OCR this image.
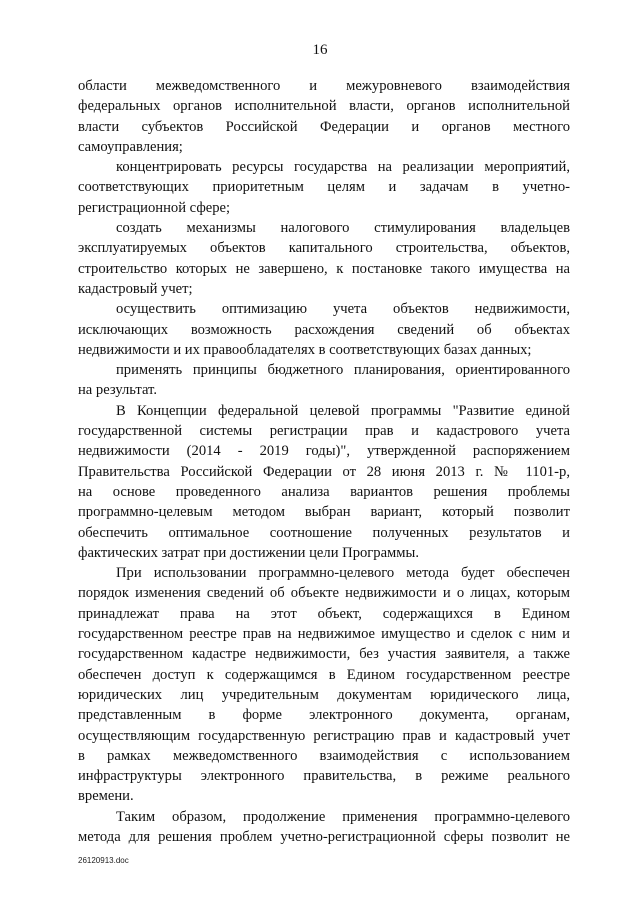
16
области межведомственного и межуровневого взаимодействия
федеральных органов исполнительной власти, органов исполнительной
власти субъектов Российской Федерации и органов местного
самоуправления;
концентрировать ресурсы государства на реализации мероприятий,
соответствующих приоритетным целям и задачам в учетно-
регистрационной сфере;
создать механизмы налогового стимулирования владельцев
эксплуатируемых объектов капитального строительства, объектов,
строительство которых не завершено, к постановке такого имущества на
кадастровый учет;
осуществить оптимизацию учета объектов недвижимости,
исключающих возможность расхождения сведений об объектах
недвижимости и их правообладателях в соответствующих базах данных;
применять принципы бюджетного планирования, ориентированного
на результат.
В Концепции федеральной целевой программы "Развитие единой
государственной системы регистрации прав и кадастрового учета
недвижимости (2014 - 2019 годы)", утвержденной распоряжением
Правительства Российской Федерации от 28 июня 2013 г. № 1101-р,
на основе проведенного анализа вариантов решения проблемы
программно-целевым методом выбран вариант, который позволит
обеспечить оптимальное соотношение полученных результатов и
фактических затрат при достижении цели Программы.
При использовании программно-целевого метода будет обеспечен
порядок изменения сведений об объекте недвижимости и о лицах, которым
принадлежат права на этот объект, содержащихся в Едином
государственном реестре прав на недвижимое имущество и сделок с ним и
государственном кадастре недвижимости, без участия заявителя, а также
обеспечен доступ к содержащимся в Едином государственном реестре
юридических лиц учредительным документам юридического лица,
представленным в форме электронного документа, органам,
осуществляющим государственную регистрацию прав и кадастровый учет
в рамках межведомственного взаимодействия с использованием
инфраструктуры электронного правительства, в режиме реального
времени.
Таким образом, продолжение применения программно-целевого
метода для решения проблем учетно-регистрационной сферы позволит не
26120913.doc
